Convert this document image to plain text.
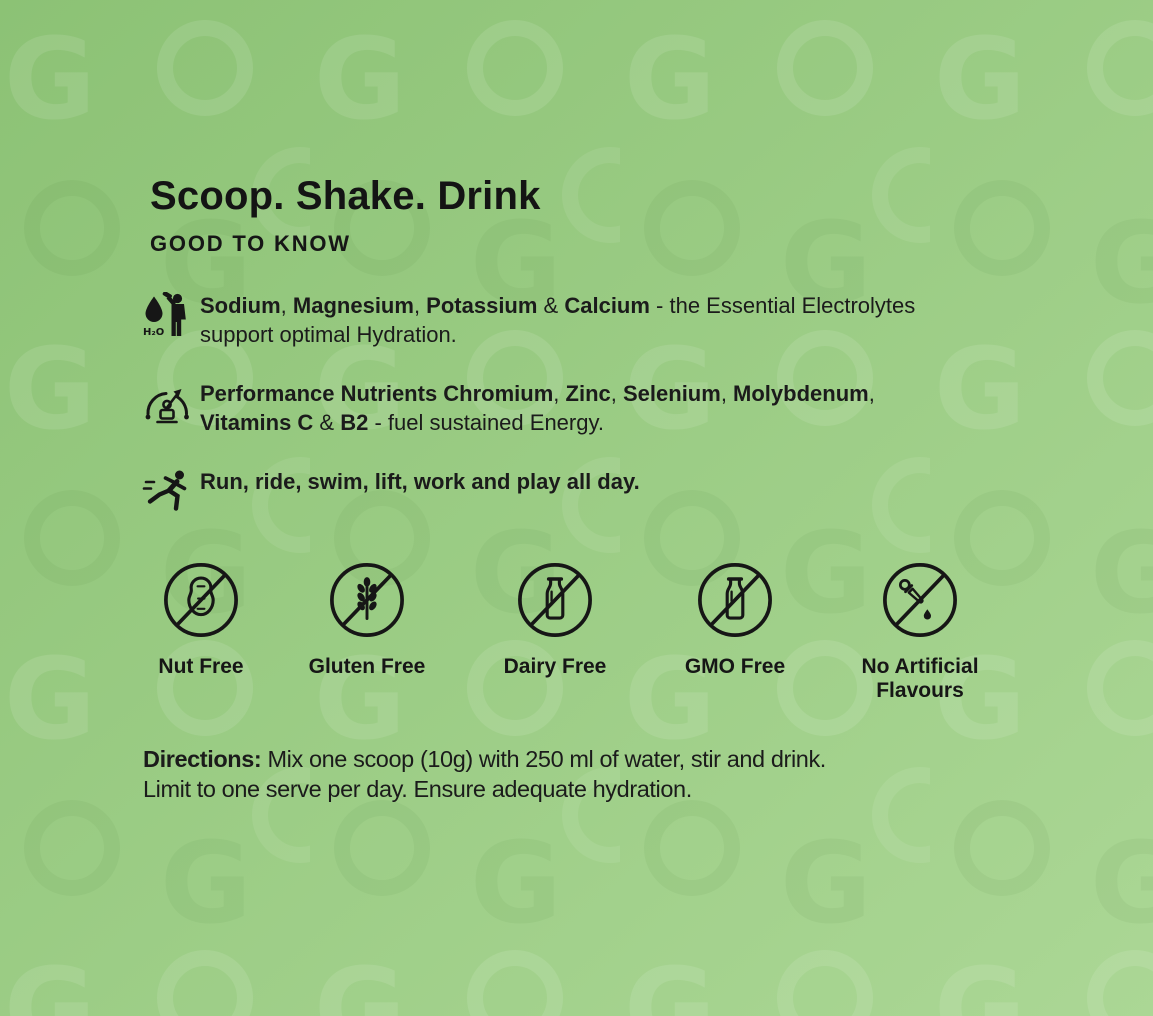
Scoop. Shake. Drink
GOOD TO KNOW
H₂O
Sodium, Magnesium, Potassium & Calcium - the Essential Electrolytes
support optimal Hydration.
Performance Nutrients Chromium, Zinc, Selenium, Molybdenum,
Vitamins C & B2 - fuel sustained Energy.
Run, ride, swim, lift, work and play all day.
Nut Free	Gluten Free	Dairy Free	GMO Free	No Artificial Flavours
Directions: Mix one scoop (10g) with 250 ml of water, stir and drink.
Limit to one serve per day. Ensure adequate hydration.
